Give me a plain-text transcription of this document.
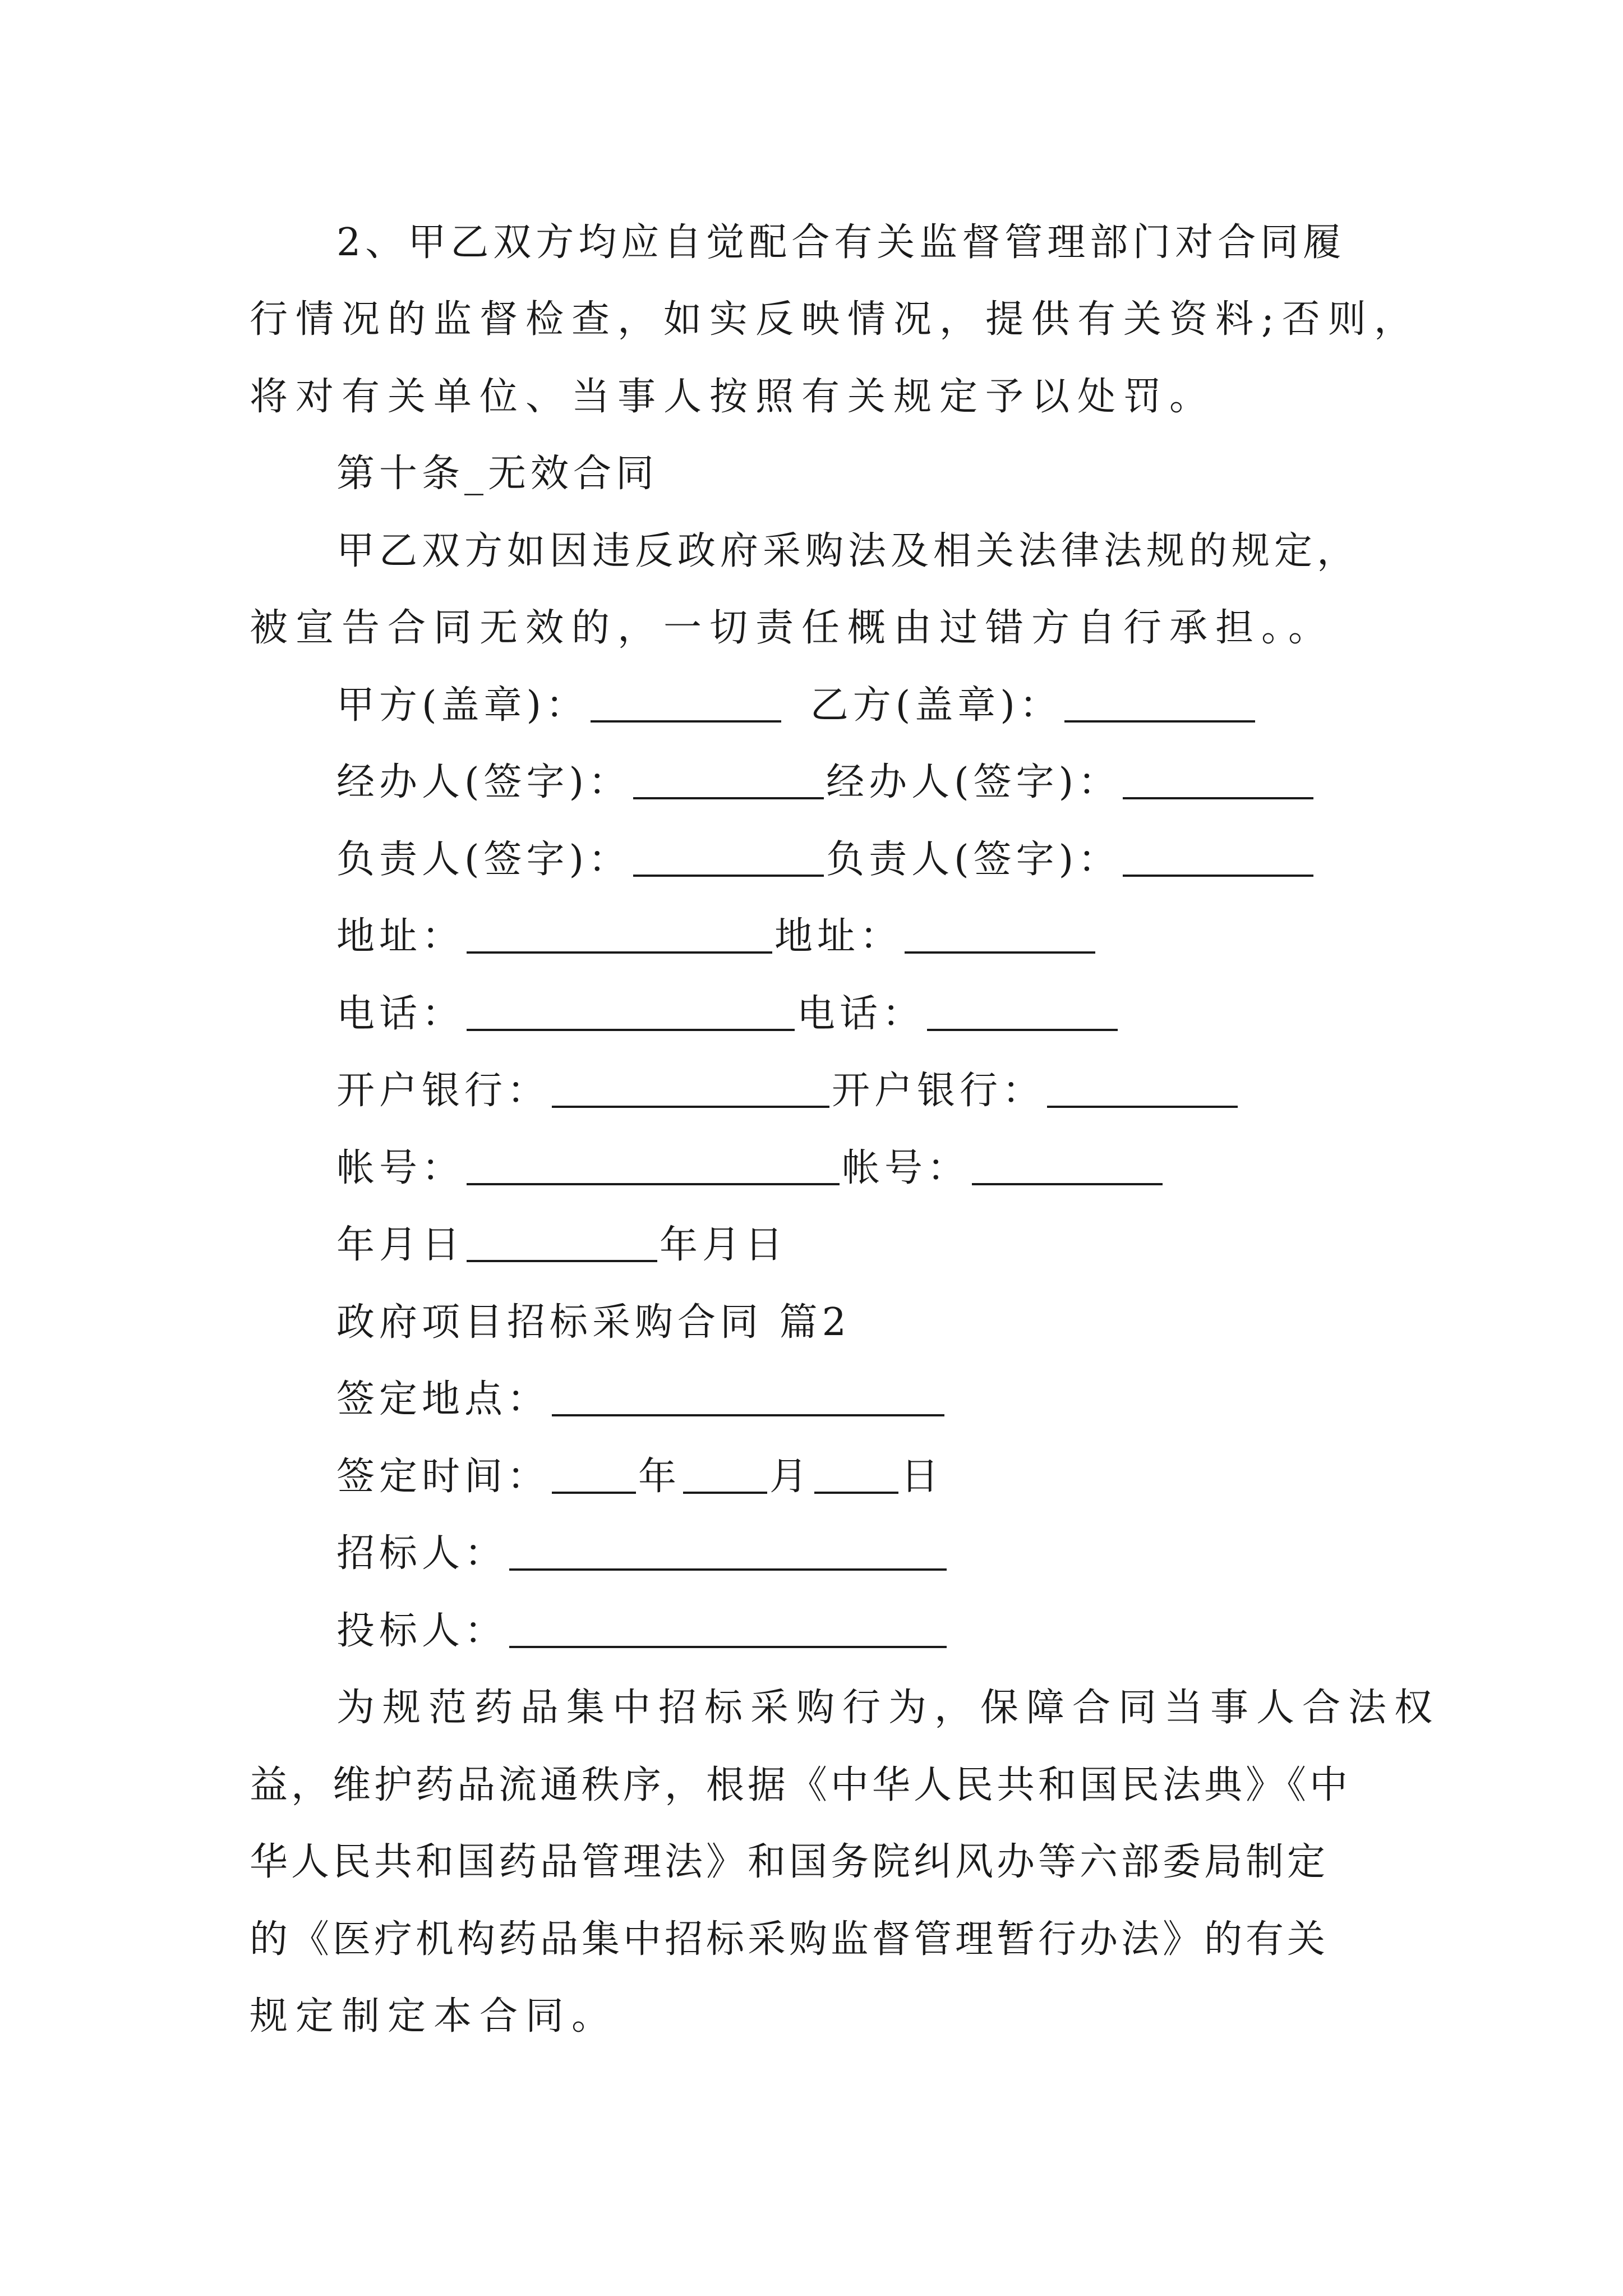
2、甲乙双方均应自觉配合有关监督管理部门对合同履
行情况的监督检查，如实反映情况，提供有关资料;否则，
将对有关单位、当事人按照有关规定予以处罚。
第十条_无效合同
甲乙双方如因违反政府采购法及相关法律法规的规定，
被宣告合同无效的，一切责任概由过错方自行承担。。
甲方(盖章)：	乙方(盖章)：
经办人(签字)：	经办人(签字)：
负责人(签字)：	负责人(签字)：
地址：	地址：
电话：	电话：
开户银行：	开户银行：
帐号：	帐号：
年月日	年月日
政府项目招标采购合同 篇2
签定地点：
签定时间： 年 月 日
招标人：
投标人：
为规范药品集中招标采购行为，保障合同当事人合法权
益，维护药品流通秩序，根据《中华人民共和国民法典》《中
华人民共和国药品管理法》和国务院纠风办等六部委局制定
的《医疗机构药品集中招标采购监督管理暂行办法》的有关
规定制定本合同。
